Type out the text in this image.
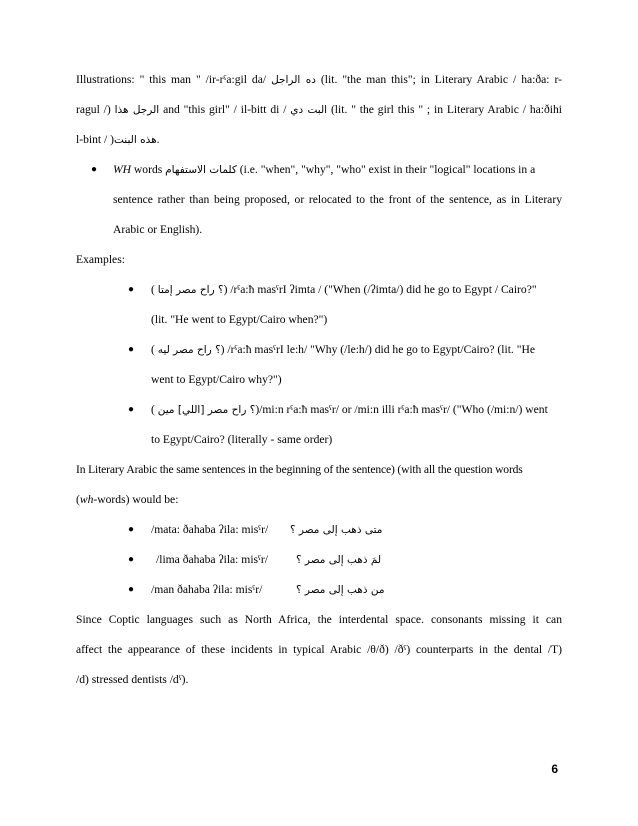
Illustrations: " this man " /ir-rˤa:gil da/ ده الراجل (lit. "the man this"; in Literary Arabic / ha:ða: r-
ragul /) الرجل هذا and "this girl" / il-bitt di / البت دي (lit. " the girl this " ; in Literary Arabic / ha:ðihi
l-bint / )هذه البنت.
● WH words كلمات الاستفهام (i.e. "when", "why", "who" exist in their "logical" locations in a
sentence rather than being proposed, or relocated to the front of the sentence, as in Literary
Arabic or English).
Examples:
● ( ؟ راح مصر إمتا) /rˤa:ħ masˤrI ʔimta / ("When (/ʔimta/) did he go to Egypt / Cairo?"
(lit. "He went to Egypt/Cairo when?")
● ( ؟ راح مصر ليه) /rˤa:ħ masˤrI le:h/ "Why (/le:h/) did he go to Egypt/Cairo? (lit. "He
went to Egypt/Cairo why?")
● ( ؟ راح مصر [اللي] مين)/mi:n rˤa:ħ masˤr/ or /mi:n illi rˤa:ħ masˤr/ ("Who (/mi:n/) went
to Egypt/Cairo? (literally - same order)
In Literary Arabic the same sentences in the beginning of the sentence) (with all the question words
(wh-words) would be:
● /mata: ðahaba ʔila: misˤr/ متى ذهب إلى مصر ؟
● /lima ðahaba ʔila: misˤr/	لمَ ذهب إلى مصر ؟
● /man ðahaba ʔila: misˤr/	من ذهب إلى مصر ؟
Since Coptic languages such as North Africa, the interdental space. consonants missing it can
affect the appearance of these incidents in typical Arabic /θ/ð) /ðˤ) counterparts in the dental /T)
/d) stressed dentists /dˤ).
6
